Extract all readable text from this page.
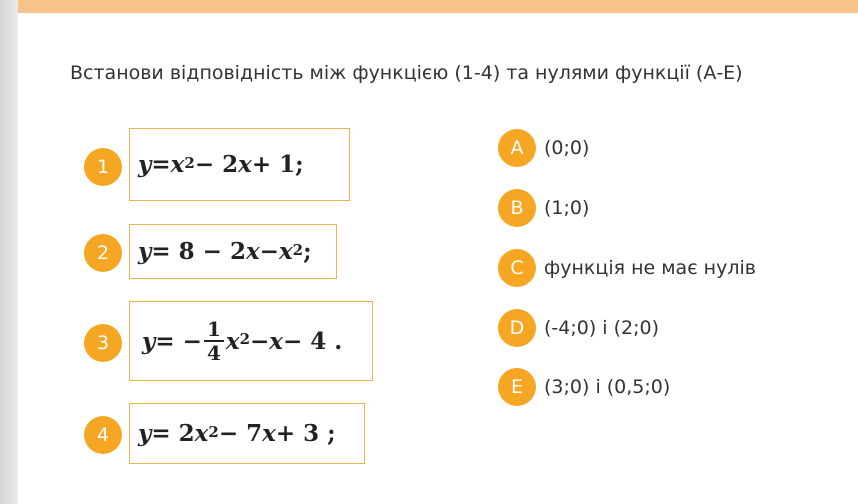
Встанови відповідність між функцією (1-4) та нулями функції (А-Е)
1	$y = x^2 - 2$ x + 1;
2	y = 8 − 2 $x - x^2$ ;
3	y = − $\frac{1}{4} x^2 - x - 4$ .
4	y = 2 $x^2 - 7$ x + 3 ;
A	(0;0)
B	(1;0)
C	функція не має нулів
D	(-4;0) і (2;0)
E	(3;0) і (0,5;0)
